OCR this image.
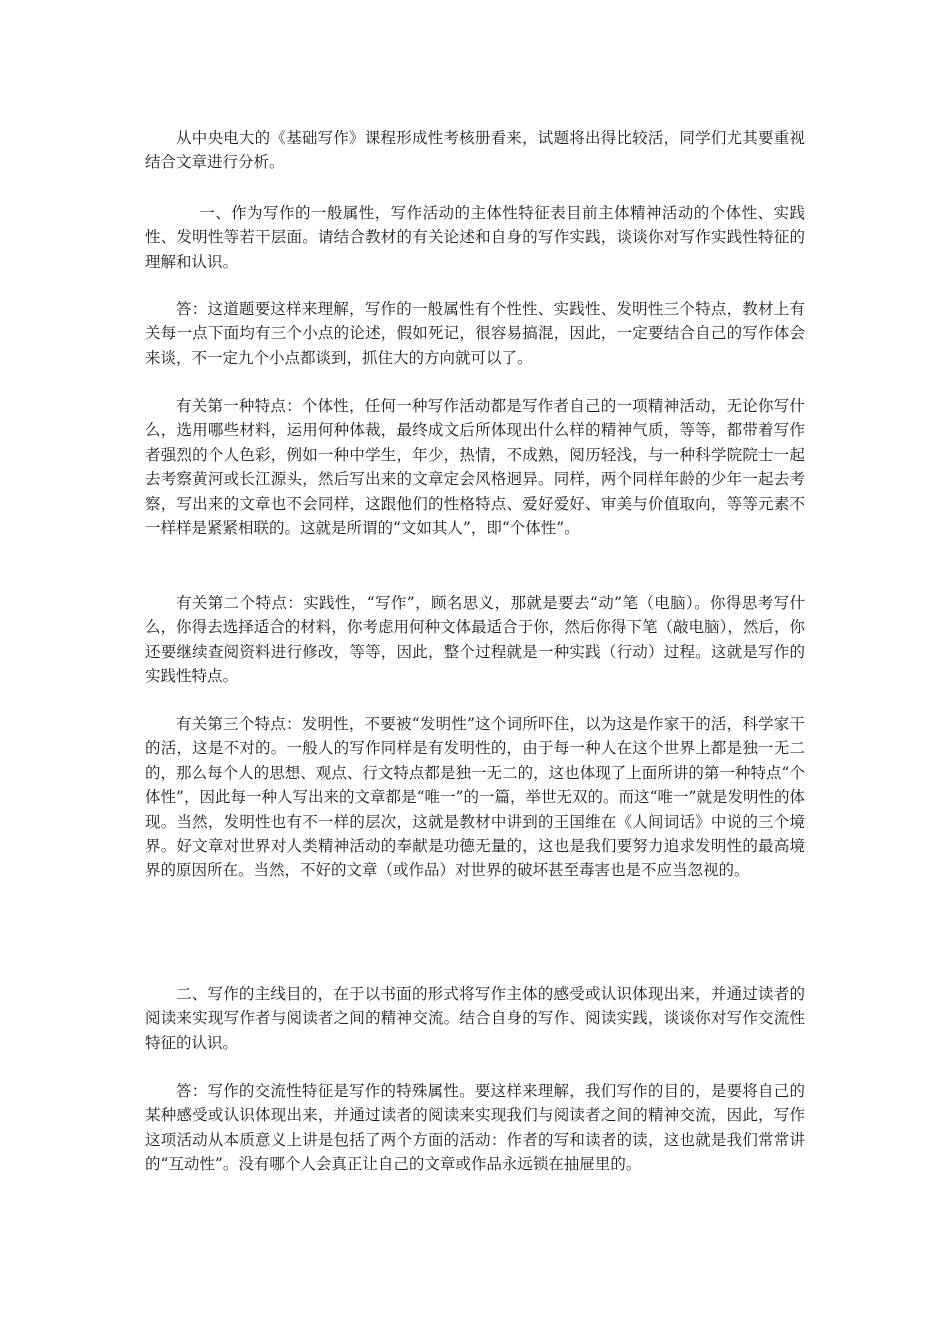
从中央电大的《基础写作》课程形成性考核册看来，试题将出得比较活，同学们尤其要重视结合文章进行分析。

一、作为写作的一般属性，写作活动的主体性特征表目前主体精神活动的个体性、实践性、发明性等若干层面。请结合教材的有关论述和自身的写作实践，谈谈你对写作实践性特征的理解和认识。

答：这道题要这样来理解，写作的一般属性有个性性、实践性、发明性三个特点，教材上有关每一点下面均有三个小点的论述，假如死记，很容易搞混，因此，一定要结合自己的写作体会来谈，不一定九个小点都谈到，抓住大的方向就可以了。

有关第一种特点：个体性，任何一种写作活动都是写作者自己的一项精神活动，无论你写什么，选用哪些材料，运用何种体裁，最终成文后所体现出什么样的精神气质，等等，都带着写作者强烈的个人色彩，例如一种中学生，年少，热情，不成熟，阅历轻浅，与一种科学院院士一起去考察黄河或长江源头，然后写出来的文章定会风格迥异。同样，两个同样年龄的少年一起去考察，写出来的文章也不会同样，这跟他们的性格特点、爱好爱好、审美与价值取向，等等元素不一样样是紧紧相联的。这就是所谓的“文如其人”，即“个体性”。

有关第二个特点：实践性，“写作”，顾名思义，那就是要去“动”笔（电脑）。你得思考写什么，你得去选择适合的材料，你考虑用何种文体最适合于你，然后你得下笔（敲电脑），然后，你还要继续查阅资料进行修改，等等，因此，整个过程就是一种实践（行动）过程。这就是写作的实践性特点。

有关第三个特点：发明性，不要被“发明性”这个词所吓住，以为这是作家干的活，科学家干的活，这是不对的。一般人的写作同样是有发明性的，由于每一种人在这个世界上都是独一无二的，那么每个人的思想、观点、行文特点都是独一无二的，这也体现了上面所讲的第一种特点“个体性”，因此每一种人写出来的文章都是“唯一”的一篇，举世无双的。而这“唯一”就是发明性的体现。当然，发明性也有不一样的层次，这就是教材中讲到的王国维在《人间词话》中说的三个境界。好文章对世界对人类精神活动的奉献是功德无量的，这也是我们要努力追求发明性的最高境界的原因所在。当然，不好的文章（或作品）对世界的破坏甚至毒害也是不应当忽视的。

二、写作的主线目的，在于以书面的形式将写作主体的感受或认识体现出来，并通过读者的阅读来实现写作者与阅读者之间的精神交流。结合自身的写作、阅读实践，谈谈你对写作交流性特征的认识。

答：写作的交流性特征是写作的特殊属性。要这样来理解，我们写作的目的，是要将自己的某种感受或认识体现出来，并通过读者的阅读来实现我们与阅读者之间的精神交流，因此，写作这项活动从本质意义上讲是包括了两个方面的活动：作者的写和读者的读，这也就是我们常常讲的“互动性”。没有哪个人会真正让自己的文章或作品永远锁在抽屉里的。
